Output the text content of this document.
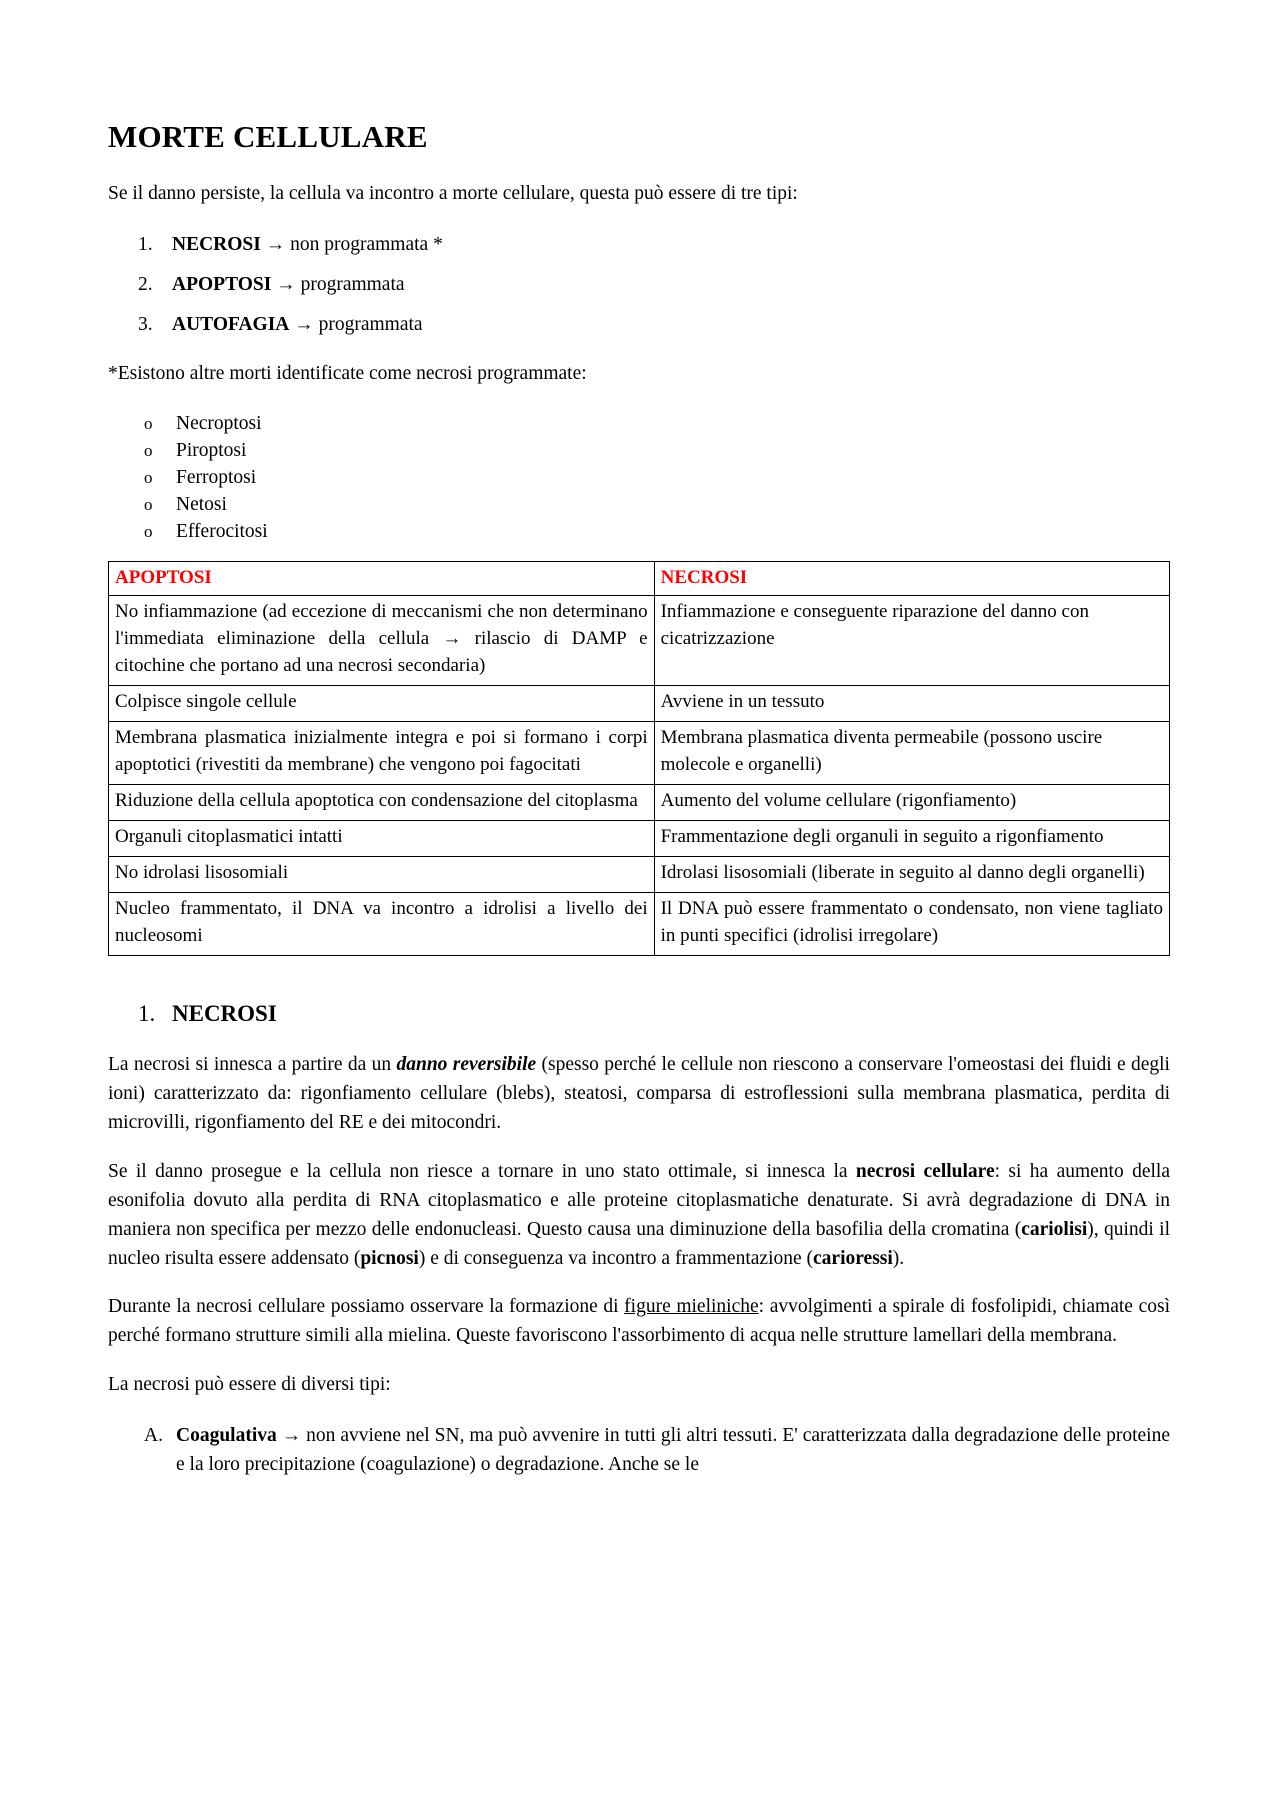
MORTE CELLULARE

Se il danno persiste, la cellula va incontro a morte cellulare, questa può essere di tre tipi:

NECROSI → non programmata *
APOPTOSI → programmata
AUTOFAGIA → programmata

*Esistono altre morti identificate come necrosi programmate:

o Necroptosi
o Piroptosi
o Ferroptosi
o Netosi
o Efferocitosi
APOPTOSI	NECROSI
No infiammazione (ad eccezione di meccanismi che non determinano l'immediata eliminazione della cellula → rilascio di DAMP e citochine che portano ad una necrosi secondaria)	Infiammazione e conseguente riparazione del danno con cicatrizzazione
Colpisce singole cellule	Avviene in un tessuto
Membrana plasmatica inizialmente integra e poi si formano i corpi apoptotici (rivestiti da membrane) che vengono poi fagocitati	Membrana plasmatica diventa permeabile (possono uscire molecole e organelli)
Riduzione della cellula apoptotica con condensazione del citoplasma	Aumento del volume cellulare (rigonfiamento)
Organuli citoplasmatici intatti	Frammentazione degli organuli in seguito a rigonfiamento
No idrolasi lisosomiali	Idrolasi lisosomiali (liberate in seguito al danno degli organelli)
Nucleo frammentato, il DNA va incontro a idrolisi a livello dei nucleosomi	Il DNA può essere frammentato o condensato, non viene tagliato in punti specifici (idrolisi irregolare)
1. NECROSI

La necrosi si innesca a partire da un danno reversibile (spesso perché le cellule non riescono a conservare l'omeostasi dei fluidi e degli ioni) caratterizzato da: rigonfiamento cellulare (blebs), steatosi, comparsa di estroflessioni sulla membrana plasmatica, perdita di microvilli, rigonfiamento del RE e dei mitocondri.

Se il danno prosegue e la cellula non riesce a tornare in uno stato ottimale, si innesca la necrosi cellulare: si ha aumento della esonifolia dovuto alla perdita di RNA citoplasmatico e alle proteine citoplasmatiche denaturate. Si avrà degradazione di DNA in maniera non specifica per mezzo delle endonucleasi. Questo causa una diminuzione della basofilia della cromatina (cariolisi), quindi il nucleo risulta essere addensato (picnosi) e di conseguenza va incontro a frammentazione (carioressi).

Durante la necrosi cellulare possiamo osservare la formazione di figure mieliniche: avvolgimenti a spirale di fosfolipidi, chiamate così perché formano strutture simili alla mielina. Queste favoriscono l'assorbimento di acqua nelle strutture lamellari della membrana.

La necrosi può essere di diversi tipi:

Coagulativa → non avviene nel SN, ma può avvenire in tutti gli altri tessuti. E' caratterizzata dalla degradazione delle proteine e la loro precipitazione (coagulazione) o degradazione. Anche se le
